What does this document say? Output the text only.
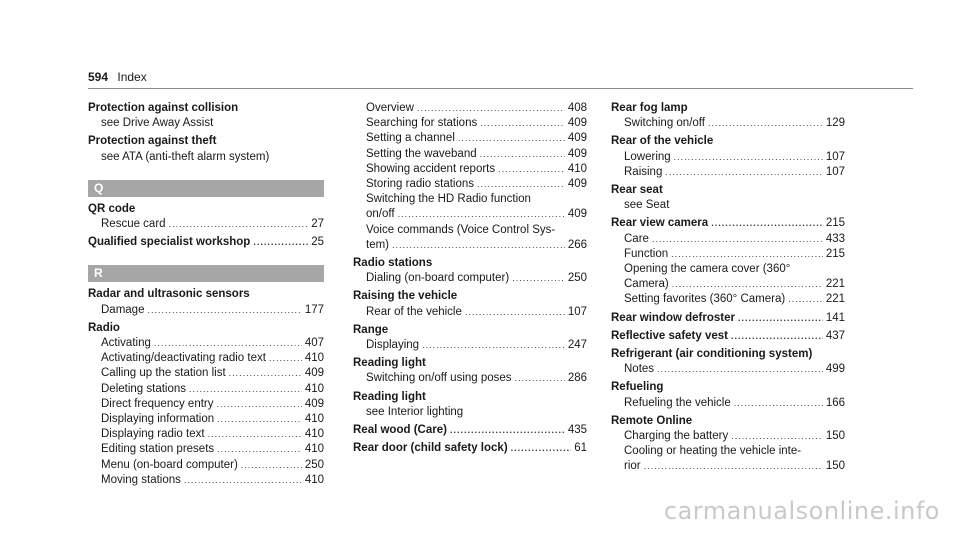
594 Index
Protection against collision
see Drive Away Assist
Protection against theft
see ATA (anti-theft alarm system)
Q
QR code
Rescue card .....	27
Qualified specialist workshop .....	25
R
Radar and ultrasonic sensors
Damage .....	177
Radio
Activating .....	407
Activating/deactivating radio text .....	410
Calling up the station list .....	409
Deleting stations .....	410
Direct frequency entry .....	409
Displaying information .....	410
Displaying radio text .....	410
Editing station presets .....	410
Menu (on-board computer) .....	250
Moving stations .....	410
Overview .....	408
Searching for stations .....	409
Setting a channel .....	409
Setting the waveband .....	409
Showing accident reports .....	410
Storing radio stations .....	409
Switching the HD Radio function
on/off .....	409
Voice commands (Voice Control Sys-
tem) .....	266
Radio stations
Dialing (on-board computer) .....	250
Raising the vehicle
Rear of the vehicle .....	107
Range
Displaying .....	247
Reading light
Switching on/off using poses .....	286
Reading light
see Interior lighting
Real wood (Care) .....	435
Rear door (child safety lock) .....	61
Rear fog lamp
Switching on/off .....	129
Rear of the vehicle
Lowering .....	107
Raising .....	107
Rear seat
see Seat
Rear view camera .....	215
Care .....	433
Function .....	215
Opening the camera cover (360°
Camera) .....	221
Setting favorites (360° Camera) .....	221
Rear window defroster .....	141
Reflective safety vest .....	437
Refrigerant (air conditioning system)
Notes .....	499
Refueling
Refueling the vehicle .....	166
Remote Online
Charging the battery .....	150
Cooling or heating the vehicle inte-
rior .....	150
carmanualsonline.info
